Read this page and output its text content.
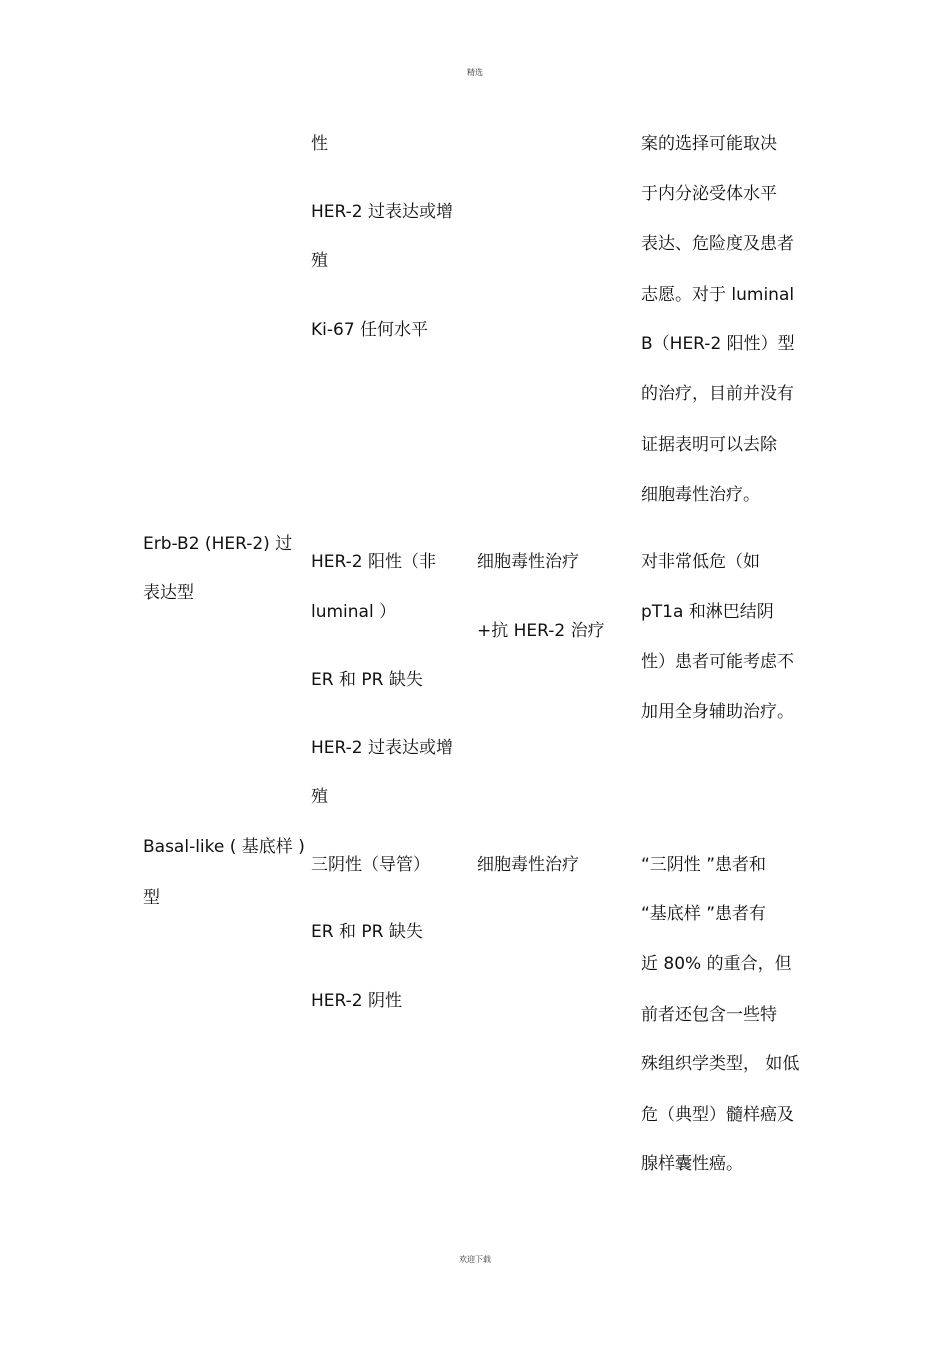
精选
性
HER-2 过表达或增
殖
Ki-67 任何水平
案的选择可能取决
于内分泌受体水平
表达、危险度及患者
志愿。对于 luminal
B（HER-2 阳性）型
的治疗，目前并没有
证据表明可以去除
细胞毒性治疗。
Erb-B2 (HER-2) 过
表达型
HER-2 阳性（非
luminal ）
ER 和 PR 缺失
HER-2 过表达或增
殖
细胞毒性治疗
+抗 HER-2 治疗
对非常低危（如
pT1a 和淋巴结阴
性）患者可能考虑不
加用全身辅助治疗。
Basal-like ( 基底样 )
型
三阴性（导管）
ER 和 PR 缺失
HER-2 阴性
细胞毒性治疗	“三阴性 ”患者和
“基底样 ”患者有
近 80% 的重合，但
前者还包含一些特
殊组织学类型， 如低
危（典型）髓样癌及
腺样囊性癌。
欢迎下载
